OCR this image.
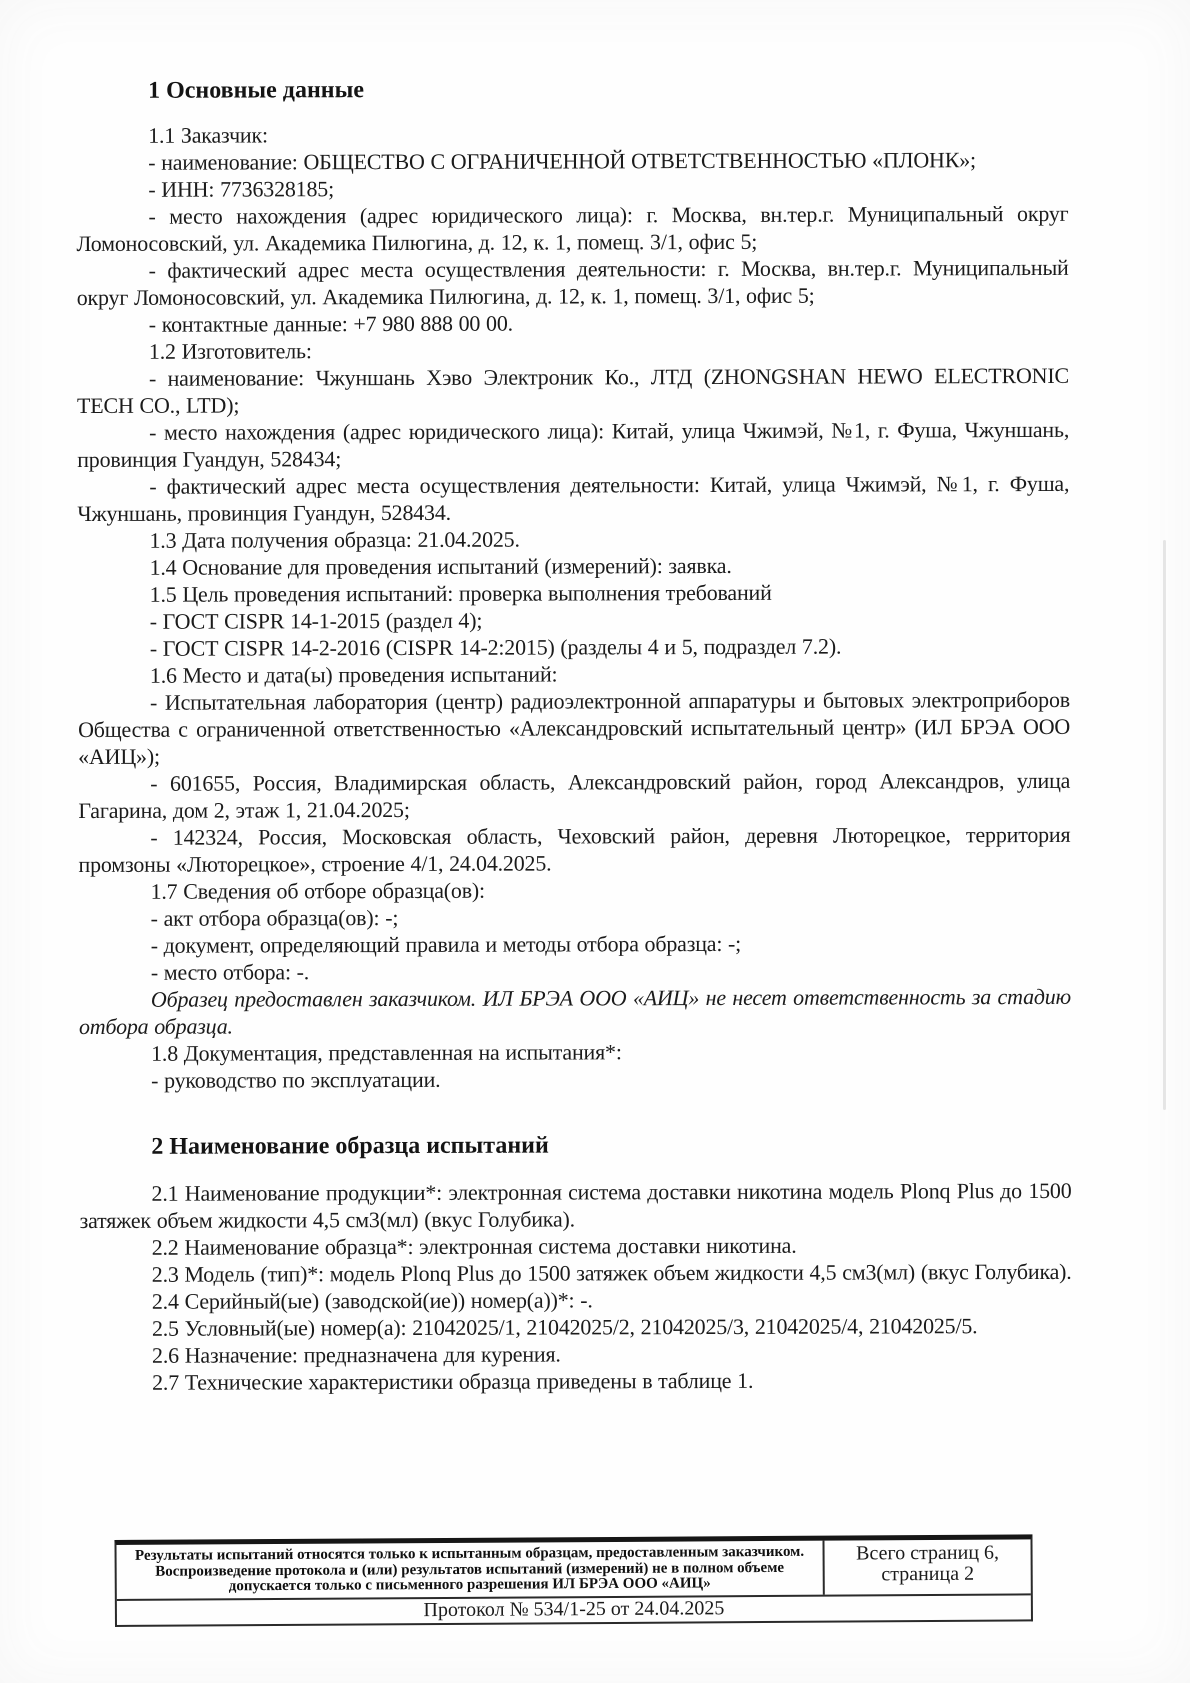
1 Основные данные

1.1 Заказчик:

- наименование: ОБЩЕСТВО С ОГРАНИЧЕННОЙ ОТВЕТСТВЕННОСТЬЮ «ПЛОНК»;

- ИНН: 7736328185;

- место нахождения (адрес юридического лица): г. Москва, вн.тер.г. Муниципальный округ Ломоносовский, ул. Академика Пилюгина, д. 12, к. 1, помещ. 3/1, офис 5;

- фактический адрес места осуществления деятельности: г. Москва, вн.тер.г. Муниципальный округ Ломоносовский, ул. Академика Пилюгина, д. 12, к. 1, помещ. 3/1, офис 5;

- контактные данные: +7 980 888 00 00.

1.2 Изготовитель:

- наименование: Чжуншань Хэво Электроник Ко., ЛТД (ZHONGSHAN HEWO ELECTRONIC TECH CO., LTD);

- место нахождения (адрес юридического лица): Китай, улица Чжимэй, №1, г. Фуша, Чжуншань, провинция Гуандун, 528434;

- фактический адрес места осуществления деятельности: Китай, улица Чжимэй, №1, г. Фуша, Чжуншань, провинция Гуандун, 528434.

1.3 Дата получения образца: 21.04.2025.

1.4 Основание для проведения испытаний (измерений): заявка.

1.5 Цель проведения испытаний: проверка выполнения требований

- ГОСТ CISPR 14-1-2015 (раздел 4);

- ГОСТ CISPR 14-2-2016 (CISPR 14-2:2015) (разделы 4 и 5, подраздел 7.2).

1.6 Место и дата(ы) проведения испытаний:

- Испытательная лаборатория (центр) радиоэлектронной аппаратуры и бытовых электроприборов Общества с ограниченной ответственностью «Александровский испытательный центр» (ИЛ БРЭА ООО «АИЦ»);

- 601655, Россия, Владимирская область, Александровский район, город Александров, улица Гагарина, дом 2, этаж 1, 21.04.2025;

- 142324, Россия, Московская область, Чеховский район, деревня Люторецкое, территория промзоны «Люторецкое», строение 4/1, 24.04.2025.

1.7 Сведения об отборе образца(ов):

- акт отбора образца(ов): -;

- документ, определяющий правила и методы отбора образца: -;

- место отбора: -.

Образец предоставлен заказчиком. ИЛ БРЭА ООО «АИЦ» не несет ответственность за стадию отбора образца.

1.8 Документация, представленная на испытания*:

- руководство по эксплуатации.

2 Наименование образца испытаний

2.1 Наименование продукции*: электронная система доставки никотина модель Plonq Plus до 1500 затяжек объем жидкости 4,5 см3(мл) (вкус Голубика).

2.2 Наименование образца*: электронная система доставки никотина.

2.3 Модель (тип)*: модель Plonq Plus до 1500 затяжек объем жидкости 4,5 см3(мл) (вкус Голубика).

2.4 Серийный(ые) (заводской(ие)) номер(а))*: -.

2.5 Условный(ые) номер(а): 21042025/1, 21042025/2, 21042025/3, 21042025/4, 21042025/5.

2.6 Назначение: предназначена для курения.

2.7 Технические характеристики образца приведены в таблице 1.

Результаты испытаний относятся только к испытанным образцам, предоставленным заказчиком.
Воспроизведение протокола и (или) результатов испытаний (измерений) не в полном объеме
допускается только с письменного разрешения ИЛ БРЭА ООО «АИЦ»
Всего страниц 6,
страница 2
Протокол № 534/1-25 от 24.04.2025
